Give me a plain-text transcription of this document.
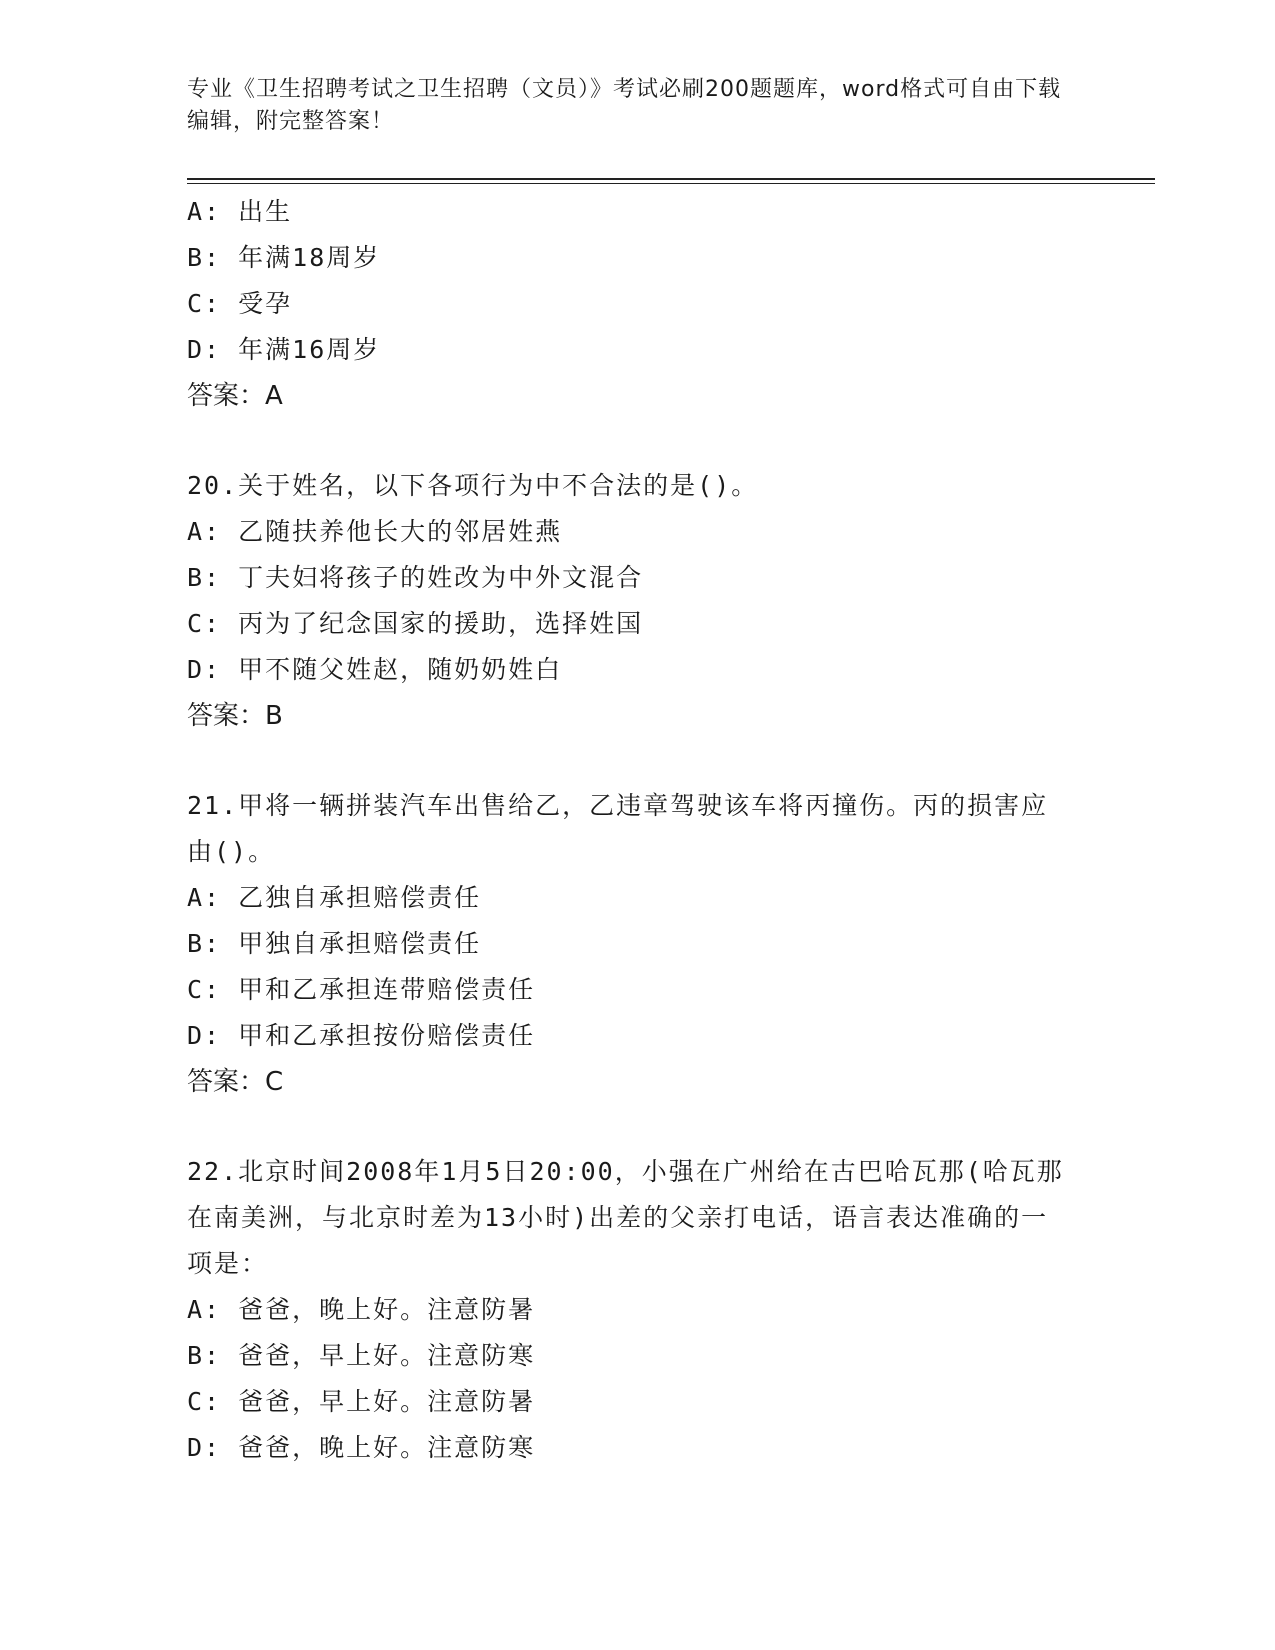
专业《卫生招聘考试之卫生招聘（文员）》考试必刷200题题库，word格式可自由下载编辑，附完整答案！
A: 出生
B: 年满18周岁
C: 受孕
D: 年满16周岁
答案：A
20.关于姓名，以下各项行为中不合法的是()。
A: 乙随扶养他长大的邻居姓燕
B: 丁夫妇将孩子的姓改为中外文混合
C: 丙为了纪念国家的援助，选择姓国
D: 甲不随父姓赵，随奶奶姓白
答案：B
21.甲将一辆拼装汽车出售给乙，乙违章驾驶该车将丙撞伤。丙的损害应由()。
A: 乙独自承担赔偿责任
B: 甲独自承担赔偿责任
C: 甲和乙承担连带赔偿责任
D: 甲和乙承担按份赔偿责任
答案：C
22.北京时间2008年1月5日20:00，小强在广州给在古巴哈瓦那(哈瓦那在南美洲，与北京时差为13小时)出差的父亲打电话，语言表达准确的一项是：
A: 爸爸，晚上好。注意防暑
B: 爸爸，早上好。注意防寒
C: 爸爸，早上好。注意防暑
D: 爸爸，晚上好。注意防寒
